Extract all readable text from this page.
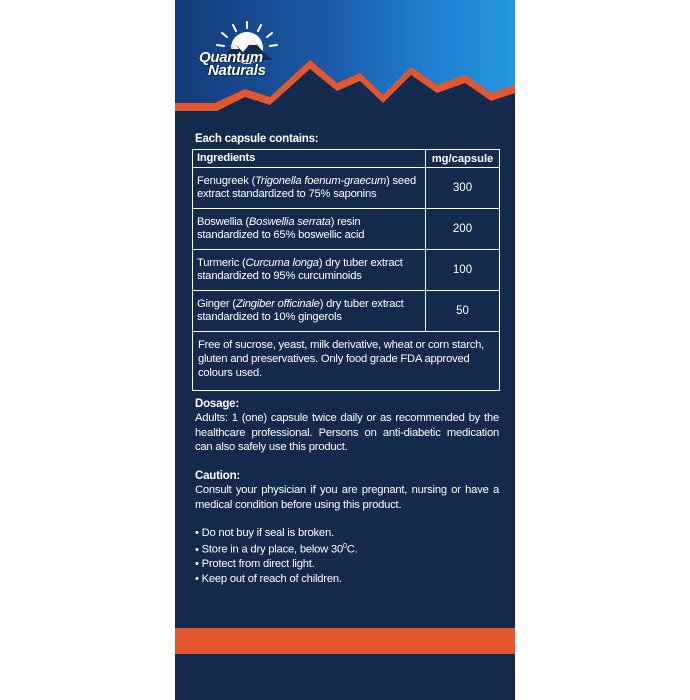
Quantum
Naturals
Each capsule contains:
Ingredients	mg/capsule
Fenugreek (Trigonella foenum-graecum) seed
extract standardized to 75% saponins	300
Boswellia (Boswellia serrata) resin
standardized to 65% boswellic acid	200
Turmeric (Curcuma longa) dry tuber extract
standardized to 95% curcuminoids	100
Ginger (Zingiber officinale) dry tuber extract
standardized to 10% gingerols	50
Free of sucrose, yeast, milk derivative, wheat or corn starch, gluten and preservatives. Only food grade FDA approved colours used.
Dosage:
Adults: 1 (one) capsule twice daily or as recommended by the healthcare professional. Persons on anti-diabetic medication can also safely use this product.
Caution:
Consult your physician if you are pregnant, nursing or have a medical condition before using this product.
• Do not buy if seal is broken.
• Store in a dry place, below $30^0C$.
• Protect from direct light.
• Keep out of reach of children.
